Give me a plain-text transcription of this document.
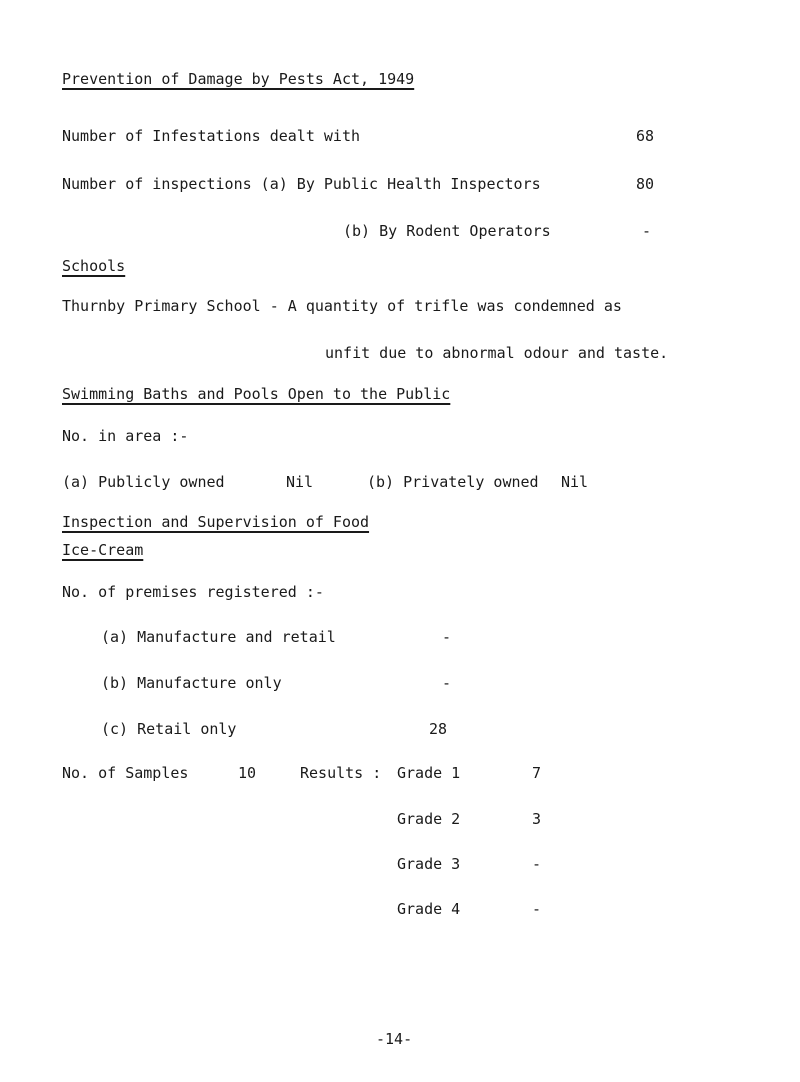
Prevention of Damage by Pests Act, 1949
Number of Infestations dealt with	68
Number of inspections (a) By Public Health Inspectors	80
(b) By Rodent Operators	-
Schools
Thurnby Primary School - A quantity of trifle was condemned as
unfit due to abnormal odour and taste.
Swimming Baths and Pools Open to the Public
No. in area :-
(a) Publicly owned	Nil	(b) Privately owned Nil
Inspection and Supervision of Food
Ice-Cream
No. of premises registered :-
(a) Manufacture and retail	-
(b) Manufacture only	-
(c) Retail only	28
No. of Samples	10	Results : Grade 1	7
Grade 2	3
Grade 3	-
Grade 4	-
-14-
